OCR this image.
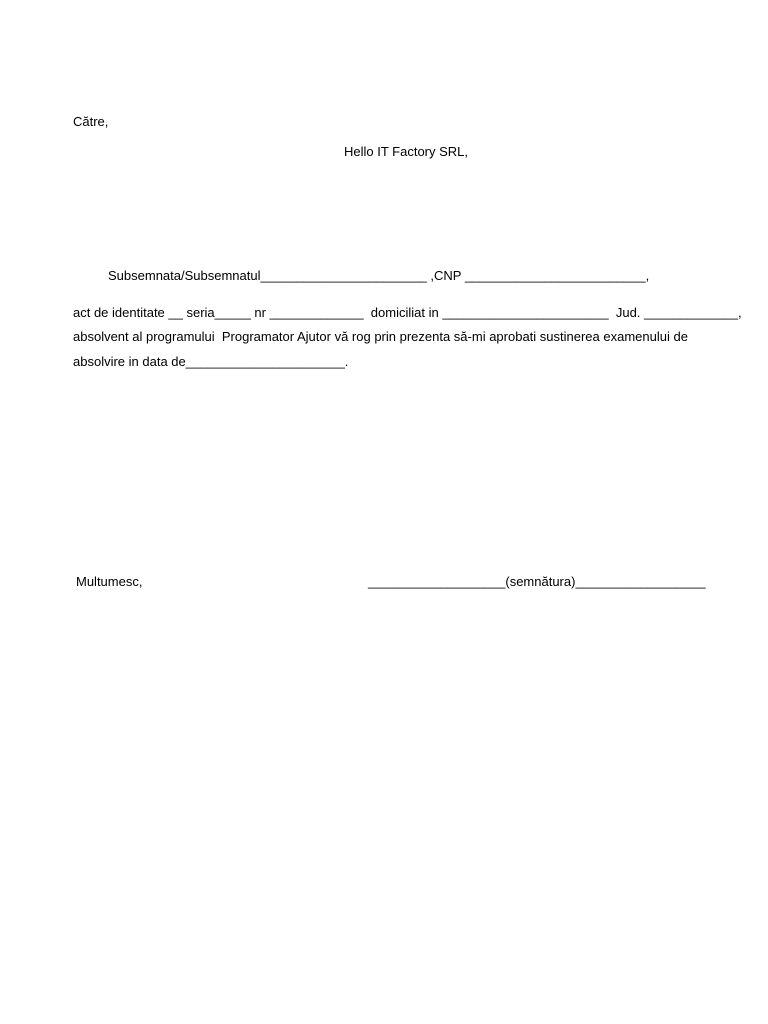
Către,
Hello IT Factory SRL,
Subsemnata/Subsemnatul_______________________ ,CNP _________________________,
act de identitate __ seria_____ nr _____________  domiciliat in _______________________  Jud. _____________,
absolvent al programului  Programator Ajutor vă rog prin prezenta să-mi aprobati sustinerea examenului de
absolvire in data de______________________.
Multumesc,	___________________(semnătura)__________________
